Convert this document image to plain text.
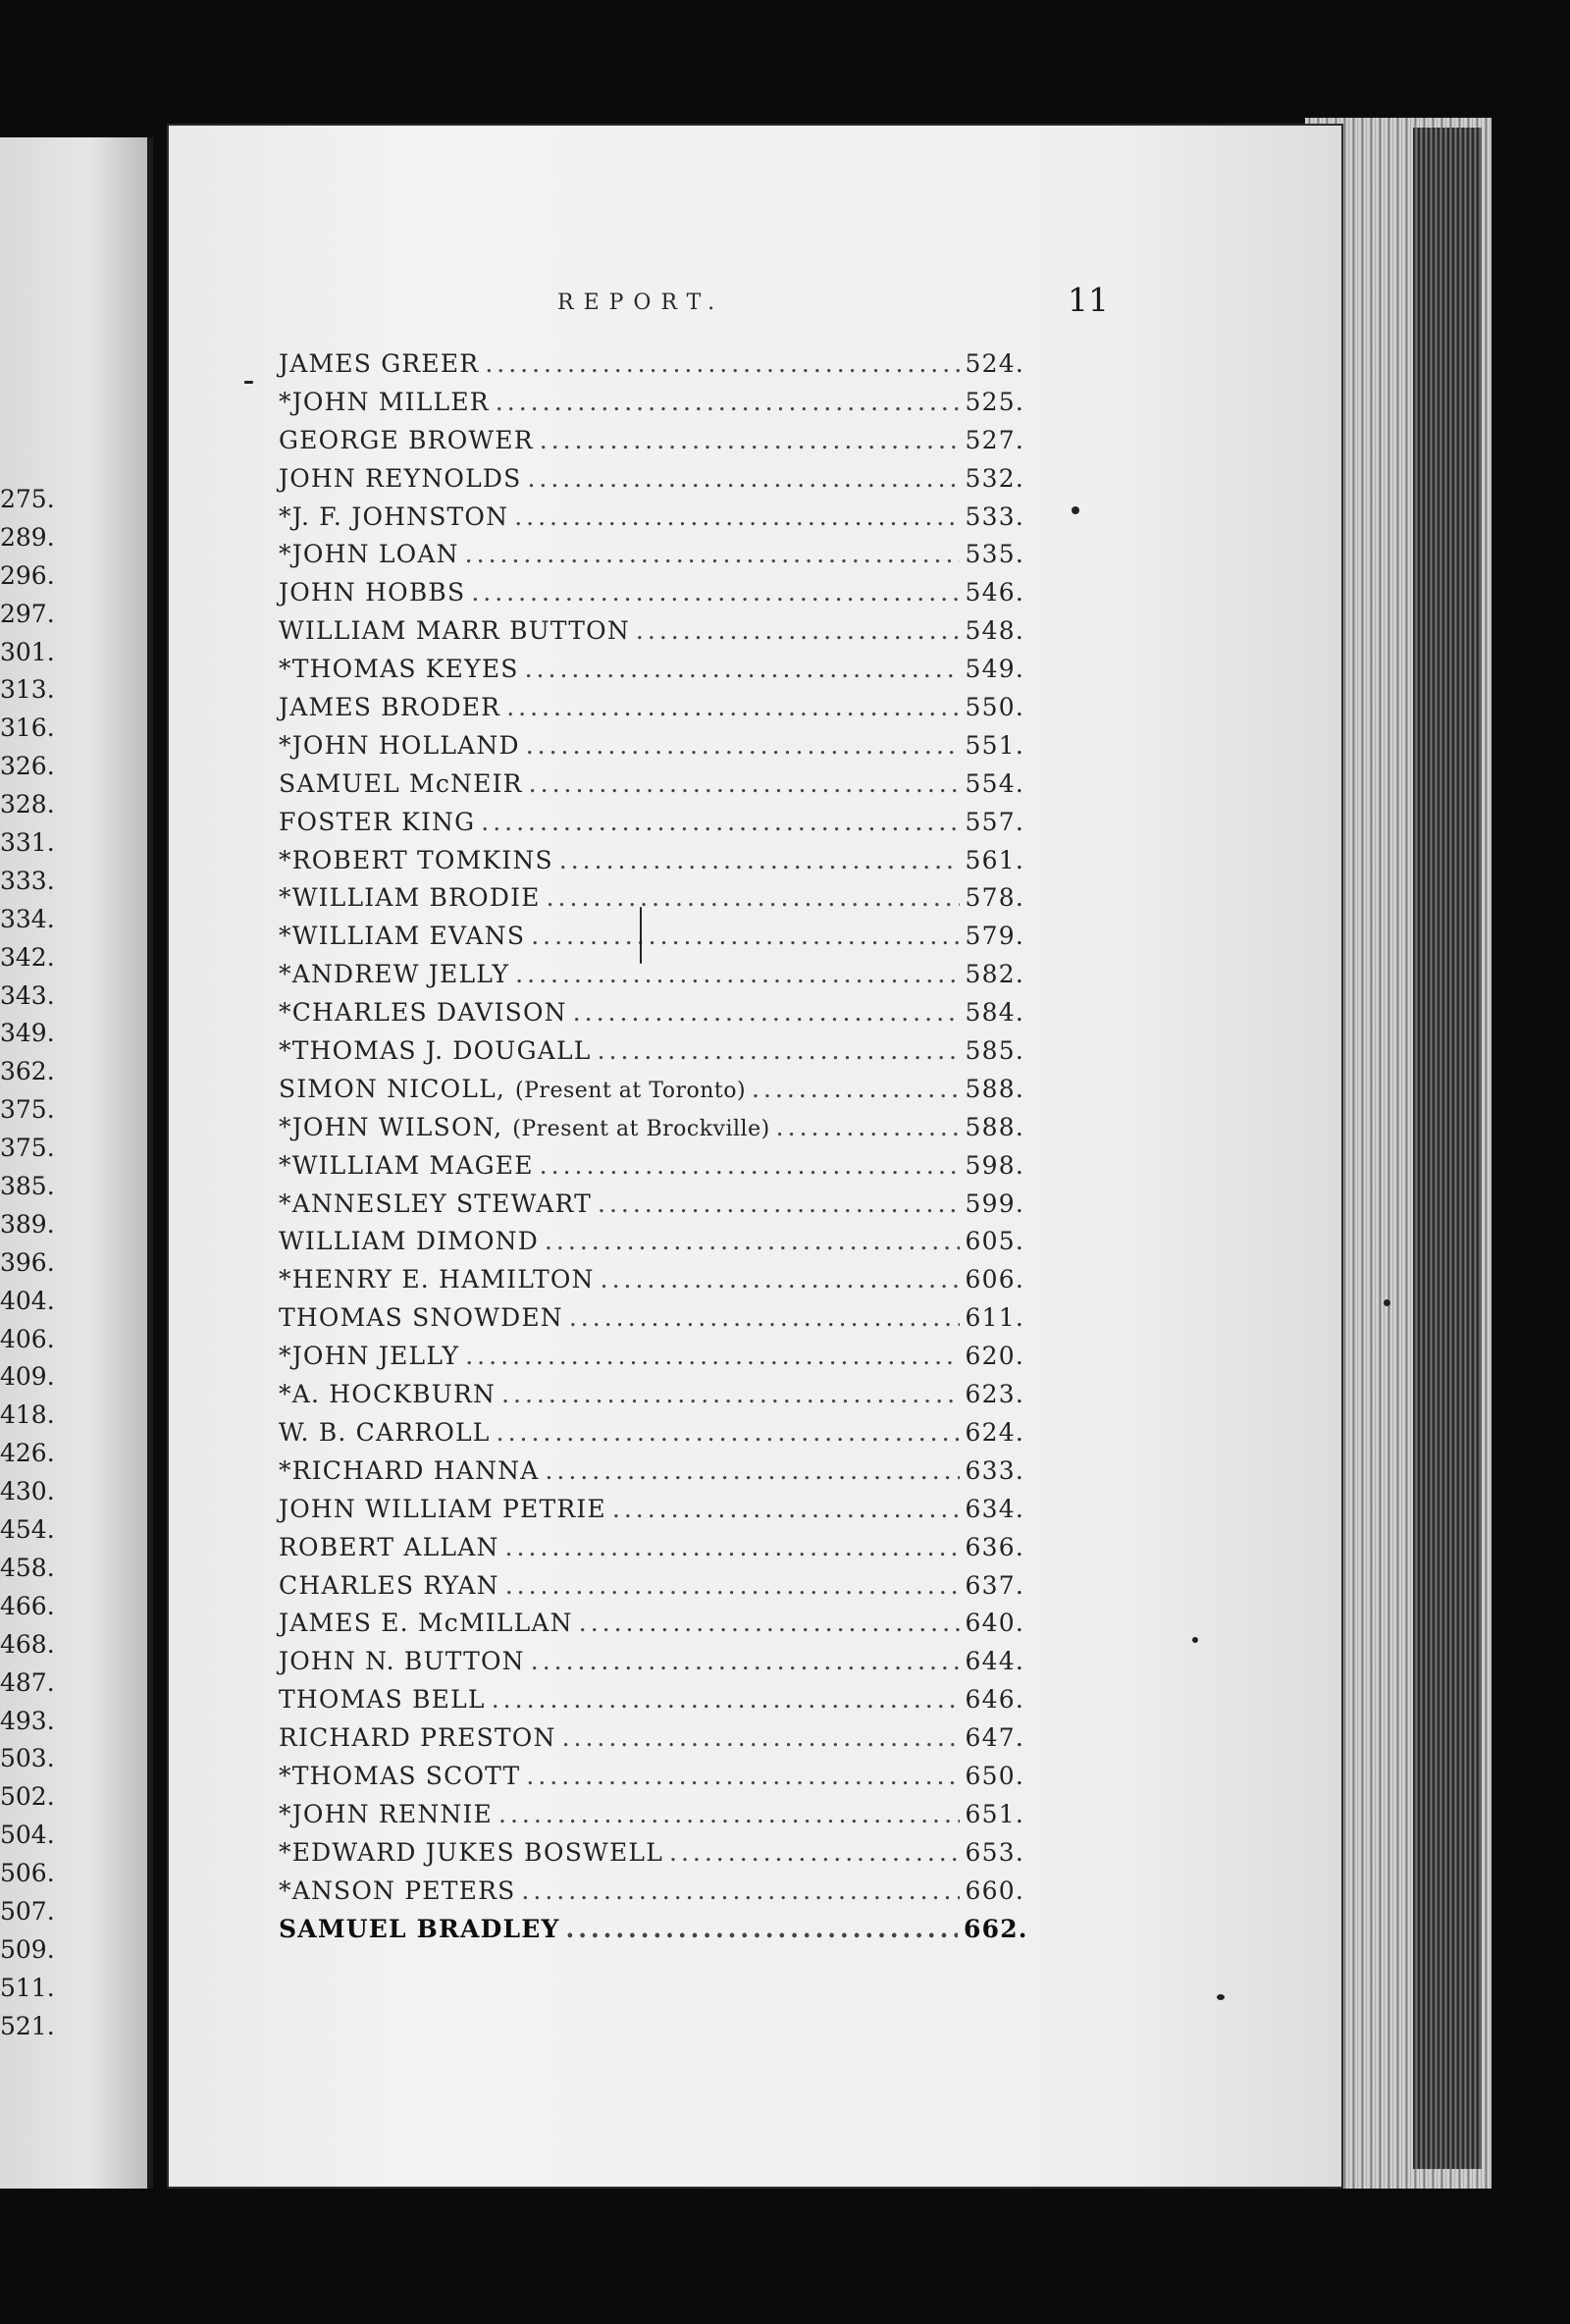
275.
289.
296.
297.
301.
313.
316.
326.
328.
331.
333.
334.
342.
343.
349.
362.
375.
375.
385.
389.
396.
404.
406.
409.
418.
426.
430.
454.
458.
466.
468.
487.
493.
503.
502.
504.
506.
507.
509.
511.
521.
REPORT.	11
JAMES GREER .....	524.
*JOHN MILLER .....	525.
GEORGE BROWER .....	527.
JOHN REYNOLDS .....	532.
*J. F. JOHNSTON .....	533.
*JOHN LOAN .....	535.
JOHN HOBBS .....	546.
WILLIAM MARR BUTTON .....	548.
*THOMAS KEYES .....	549.
JAMES BRODER .....	550.
*JOHN HOLLAND .....	551.
SAMUEL McNEIR .....	554.
FOSTER KING .....	557.
*ROBERT TOMKINS .....	561.
*WILLIAM BRODIE .....	578.
*WILLIAM EVANS .....	579.
*ANDREW JELLY .....	582.
*CHARLES DAVISON .....	584.
*THOMAS J. DOUGALL .....	585.
SIMON NICOLL, (Present at Toronto) .....	588.
*JOHN WILSON, (Present at Brockville) .....	588.
*WILLIAM MAGEE .....	598.
*ANNESLEY STEWART .....	599.
WILLIAM DIMOND .....	605.
*HENRY E. HAMILTON .....	606.
THOMAS SNOWDEN .....	611.
*JOHN JELLY .....	620.
*A. HOCKBURN .....	623.
W. B. CARROLL .....	624.
*RICHARD HANNA .....	633.
JOHN WILLIAM PETRIE .....	634.
ROBERT ALLAN .....	636.
CHARLES RYAN .....	637.
JAMES E. McMILLAN .....	640.
JOHN N. BUTTON .....	644.
THOMAS BELL .....	646.
RICHARD PRESTON .....	647.
*THOMAS SCOTT .....	650.
*JOHN RENNIE .....	651.
*EDWARD JUKES BOSWELL .....	653.
*ANSON PETERS .....	660.
SAMUEL BRADLEY .....	662.
